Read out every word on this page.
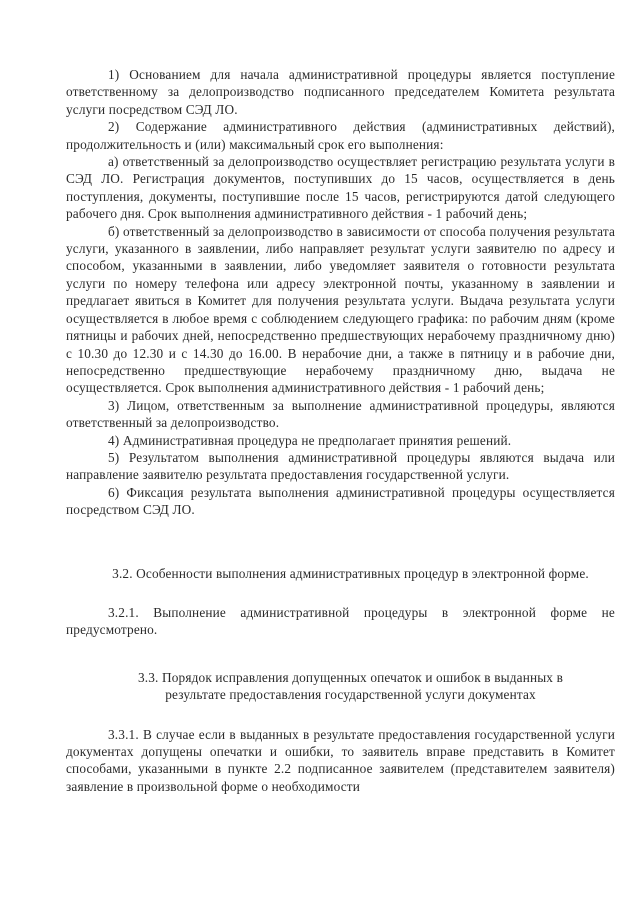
1) Основанием для начала административной процедуры является поступление ответственному за делопроизводство подписанного председателем Комитета результата услуги посредством СЭД ЛО.

2) Содержание административного действия (административных действий), продолжительность и (или) максимальный срок его выполнения:

а) ответственный за делопроизводство осуществляет регистрацию результата услуги в СЭД ЛО. Регистрация документов, поступивших до 15 часов, осуществляется в день поступления, документы, поступившие после 15 часов, регистрируются датой следующего рабочего дня. Срок выполнения административного действия - 1 рабочий день;

б) ответственный за делопроизводство в зависимости от способа получения результата услуги, указанного в заявлении, либо направляет результат услуги заявителю по адресу и способом, указанными в заявлении, либо уведомляет заявителя о готовности результата услуги по номеру телефона или адресу электронной почты, указанному в заявлении и предлагает явиться в Комитет для получения результата услуги. Выдача результата услуги осуществляется в любое время с соблюдением следующего графика: по рабочим дням (кроме пятницы и рабочих дней, непосредственно предшествующих нерабочему праздничному дню) с 10.30 до 12.30 и с 14.30 до 16.00. В нерабочие дни, а также в пятницу и в рабочие дни, непосредственно предшествующие нерабочему праздничному дню, выдача не осуществляется. Срок выполнения административного действия - 1 рабочий день;

3) Лицом, ответственным за выполнение административной процедуры, являются ответственный за делопроизводство.

4) Административная процедура не предполагает принятия решений.

5) Результатом выполнения административной процедуры являются выдача или направление заявителю результата предоставления государственной услуги.

6) Фиксация результата выполнения административной процедуры осуществляется посредством СЭД ЛО.

3.2. Особенности выполнения административных процедур в электронной форме.

3.2.1. Выполнение административной процедуры в электронной форме не предусмотрено.

3.3. Порядок исправления допущенных опечаток и ошибок в выданных в результате предоставления государственной услуги документах

3.3.1. В случае если в выданных в результате предоставления государственной услуги документах допущены опечатки и ошибки, то заявитель вправе представить в Комитет способами, указанными в пункте 2.2 подписанное заявителем (представителем заявителя) заявление в произвольной форме о необходимости
